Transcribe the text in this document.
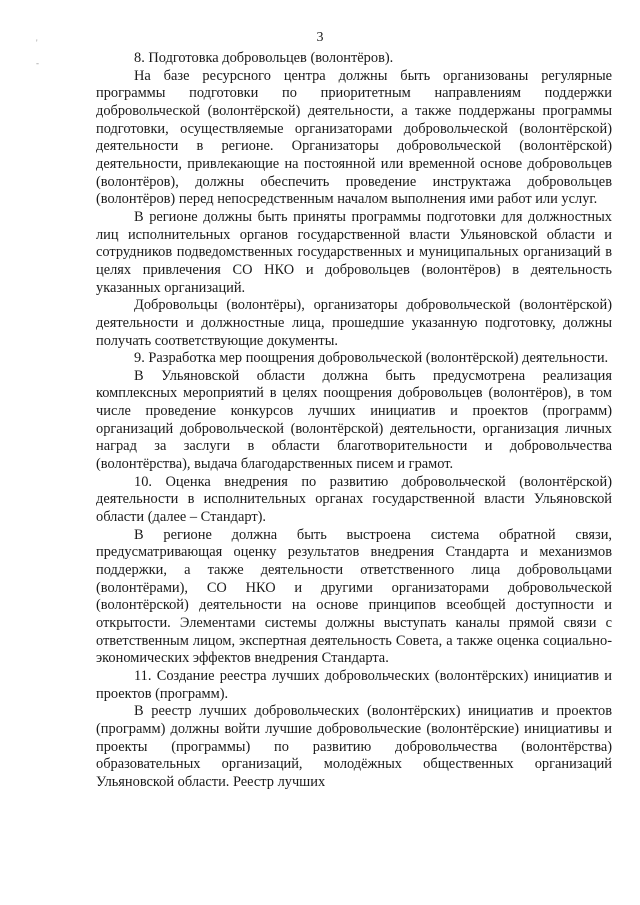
3
'
-	8. Подготовка добровольцев (волонтёров).

На базе ресурсного центра должны быть организованы регулярные программы подготовки по приоритетным направлениям поддержки добровольческой (волонтёрской) деятельности, а также поддержаны программы подготовки, осуществляемые организаторами добровольческой (волонтёрской) деятельности в регионе. Организаторы добровольческой (волонтёрской) деятельности, привлекающие на постоянной или временной основе добровольцев (волонтёров), должны обеспечить проведение инструктажа добровольцев (волонтёров) перед непосредственным началом выполнения ими работ или услуг.

В регионе должны быть приняты программы подготовки для должностных лиц исполнительных органов государственной власти Ульяновской области и сотрудников подведомственных государственных и муниципальных организаций в целях привлечения СО НКО и добровольцев (волонтёров) в деятельность указанных организаций.

Добровольцы (волонтёры), организаторы добровольческой (волонтёрской) деятельности и должностные лица, прошедшие указанную подготовку, должны получать соответствующие документы.

9. Разработка мер поощрения добровольческой (волонтёрской) деятельности.

В Ульяновской области должна быть предусмотрена реализация комплексных мероприятий в целях поощрения добровольцев (волонтёров), в том числе проведение конкурсов лучших инициатив и проектов (программ) организаций добровольческой (волонтёрской) деятельности, организация личных наград за заслуги в области благотворительности и добровольчества (волонтёрства), выдача благодарственных писем и грамот.

10. Оценка внедрения по развитию добровольческой (волонтёрской) деятельности в исполнительных органах государственной власти Ульяновской области (далее – Стандарт).

В регионе должна быть выстроена система обратной связи, предусматривающая оценку результатов внедрения Стандарта и механизмов поддержки, а также деятельности ответственного лица добровольцами (волонтёрами), СО НКО и другими организаторами добровольческой (волонтёрской) деятельности на основе принципов всеобщей доступности и открытости. Элементами системы должны выступать каналы прямой связи с ответственным лицом, экспертная деятельность Совета, а также оценка социально-экономических эффектов внедрения Стандарта.

11. Создание реестра лучших добровольческих (волонтёрских) инициатив и проектов (программ).

В реестр лучших добровольческих (волонтёрских) инициатив и проектов (программ) должны войти лучшие добровольческие (волонтёрские) инициативы и проекты (программы) по развитию добровольчества (волонтёрства) образовательных организаций, молодёжных общественных организаций Ульяновской области. Реестр лучших
